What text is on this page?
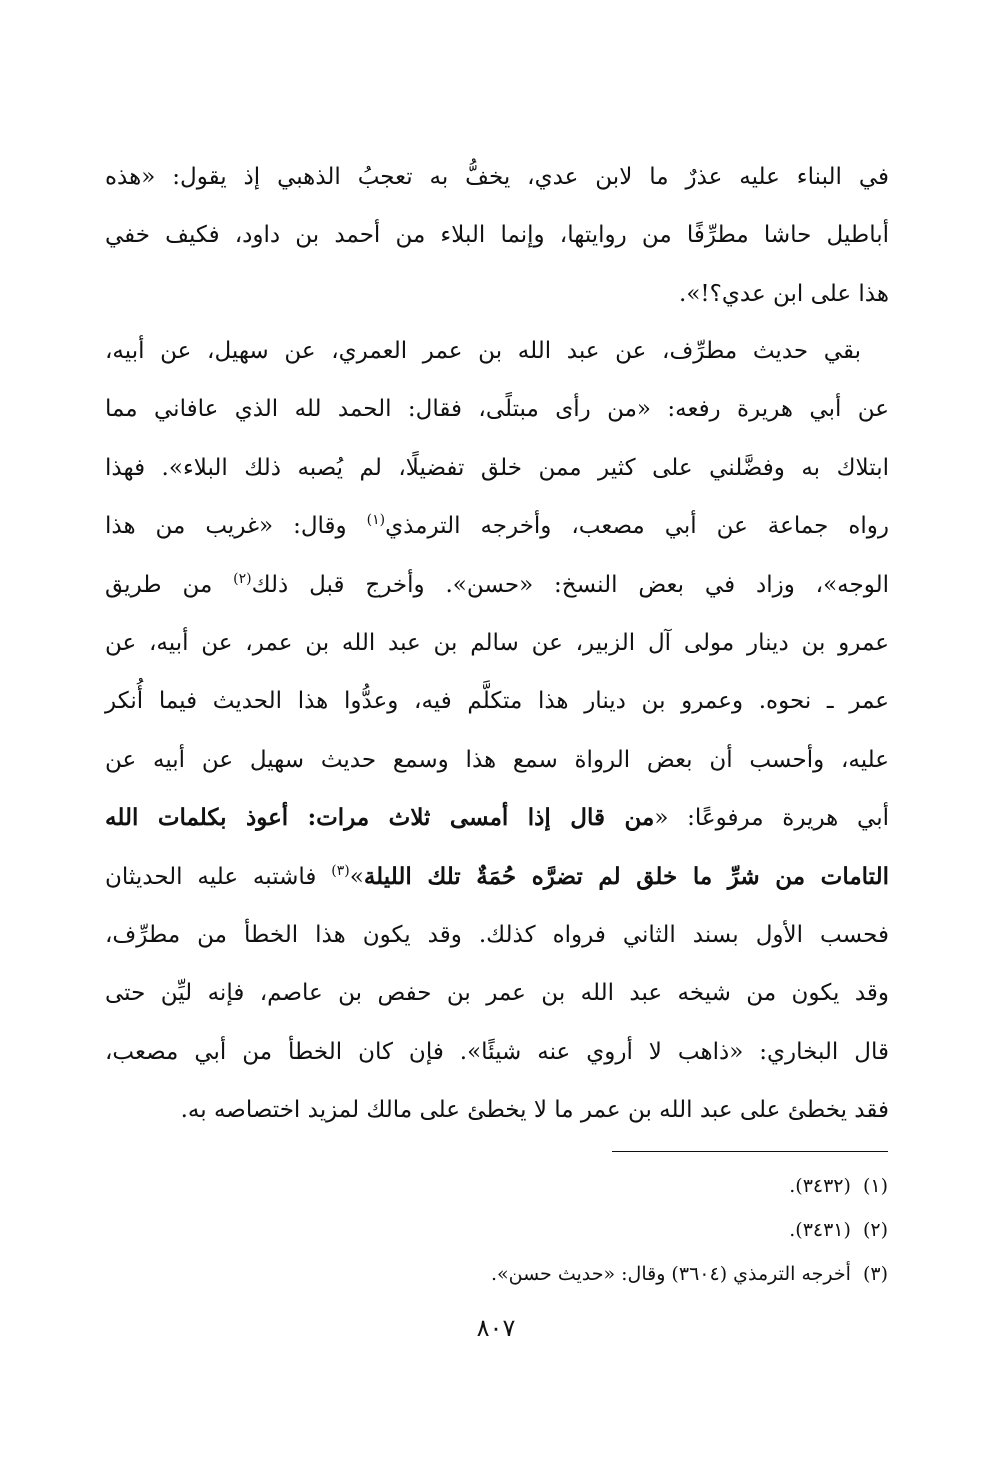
في البناء عليه عذرٌ ما لابن عدي، يخفُّ به تعجبُ الذهبي إذ يقول: «هذه
أباطيل حاشا مطرِّفًا من روايتها، وإنما البلاء من أحمد بن داود، فكيف خفي
هذا على ابن عدي؟!».
بقي حديث مطرِّف، عن عبد الله بن عمر العمري، عن سهيل، عن أبيه،
عن أبي هريرة رفعه: «من رأى مبتلًى، فقال: الحمد لله الذي عافاني مما
ابتلاك به وفضَّلني على كثير ممن خلق تفضيلًا، لم يُصبه ذلك البلاء». فهذا
رواه جماعة عن أبي مصعب، وأخرجه الترمذي$^{(١)}$ وقال: «غريب من هذا
الوجه»، وزاد في بعض النسخ: «حسن». وأخرج قبل ذلك$^{(٢)}$ من طريق
عمرو بن دينار مولى آل الزبير، عن سالم بن عبد الله بن عمر، عن أبيه، عن
عمر ـ نحوه. وعمرو بن دينار هذا متكلَّم فيه، وعدُّوا هذا الحديث فيما أُنكر
عليه، وأحسب أن بعض الرواة سمع هذا وسمع حديث سهيل عن أبيه عن
أبي هريرة مرفوعًا: «من قال إذا أمسى ثلاث مرات: أعوذ بكلمات الله
التامات من شرِّ ما خلق لم تضرَّه حُمَةٌ تلك الليلة»$^{(٣)}$ فاشتبه عليه الحديثان
فحسب الأول بسند الثاني فرواه كذلك. وقد يكون هذا الخطأ من مطرِّف،
وقد يكون من شيخه عبد الله بن عمر بن حفص بن عاصم، فإنه ليِّن حتى
قال البخاري: «ذاهب لا أروي عنه شيئًا». فإن كان الخطأ من أبي مصعب،
فقد يخطئ على عبد الله بن عمر ما لا يخطئ على مالك لمزيد اختصاصه به.
(١)(٣٤٣٢).
(٢)(٣٤٣١).
(٣)أخرجه الترمذي (٣٦٠٤) وقال: «حديث حسن».
٨٠٧
